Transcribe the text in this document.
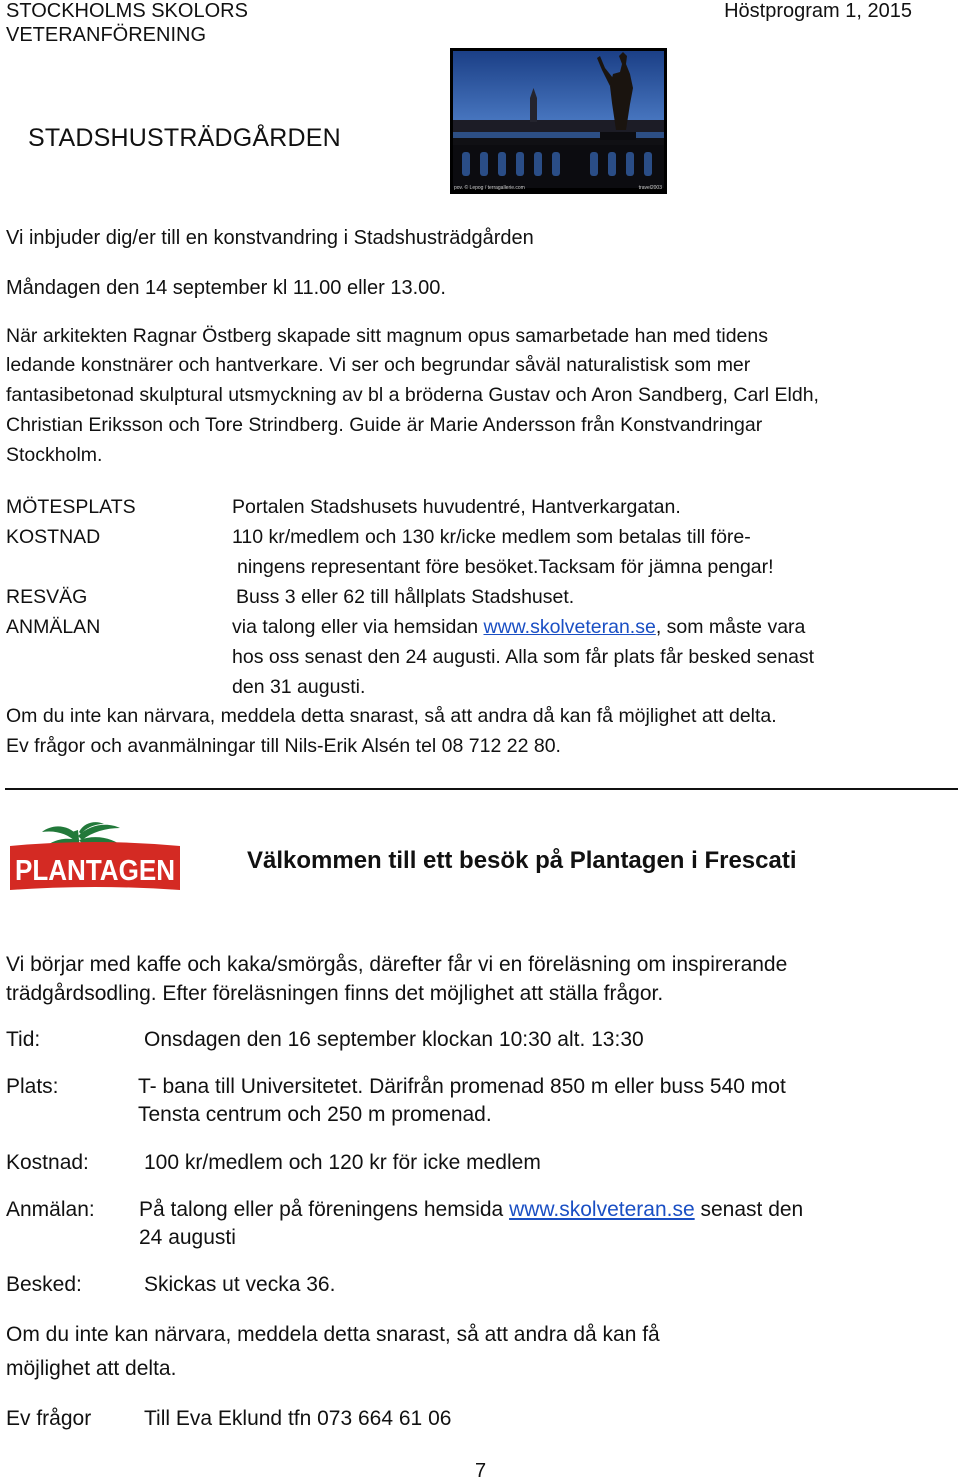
STOCKHOLMS SKOLORS
VETERANFÖRENING
Höstprogram 1, 2015
STADSHUSTRÄDGÅRDEN
pov. © Lepog / terragallerie.com	travel2003
Vi inbjuder dig/er till en konstvandring i Stadshusträdgården
Måndagen den 14 september kl 11.00 eller 13.00.
När arkitekten Ragnar Östberg skapade sitt magnum opus samarbetade han med tidens
ledande konstnärer och hantverkare. Vi ser och begrundar såväl naturalistisk som mer
fantasibetonad skulptural utsmyckning av bl a bröderna Gustav och Aron Sandberg, Carl Eldh,
Christian Eriksson och Tore Strindberg. Guide är Marie Andersson från Konstvandringar
Stockholm.
MÖTESPLATS	Portalen Stadshusets huvudentré, Hantverkargatan.
KOSTNAD	110 kr/medlem och 130 kr/icke medlem som betalas till före-
ningens representant före besöket.Tacksam för jämna pengar!
RESVÄG	Buss 3 eller 62 till hållplats Stadshuset.
ANMÄLAN	via talong eller via hemsidan www.skolveteran.se, som måste vara
hos oss senast den 24 augusti. Alla som får plats får besked senast
den 31 augusti.
Om du inte kan närvara, meddela detta snarast, så att andra då kan få möjlighet att delta.
Ev frågor och avanmälningar till Nils-Erik Alsén tel 08 712 22 80.
PLANTAGEN	Välkommen till ett besök på Plantagen i Frescati
Vi börjar med kaffe och kaka/smörgås, därefter får vi en föreläsning om inspirerande
trädgårdsodling. Efter föreläsningen finns det möjlighet att ställa frågor.
Tid:	Onsdagen den 16 september klockan 10:30 alt. 13:30
Plats:	T- bana till Universitetet. Därifrån promenad 850 m eller buss 540 mot
Tensta centrum och 250 m promenad.
Kostnad:	100 kr/medlem och 120 kr för icke medlem
Anmälan: På talong eller på föreningens hemsida www.skolveteran.se senast den
24 augusti
Besked:	Skickas ut vecka 36.
Om du inte kan närvara, meddela detta snarast, så att andra då kan få
möjlighet att delta.
Ev frågor	Till Eva Eklund tfn 073 664 61 06
7
